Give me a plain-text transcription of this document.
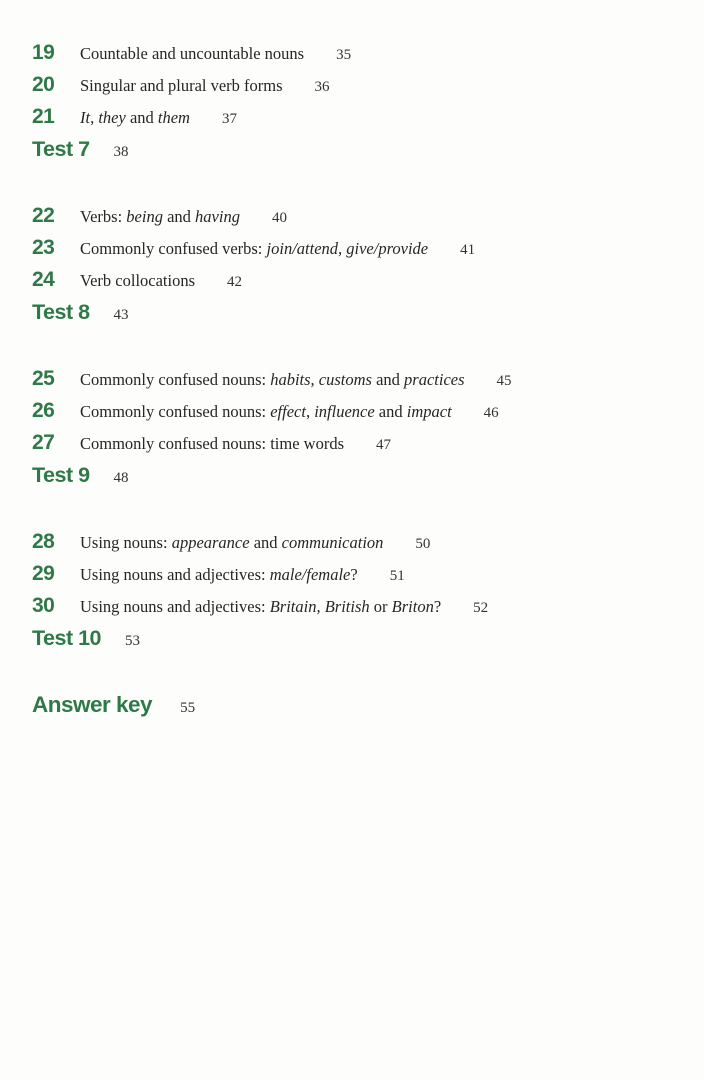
19	Countable and uncountable nouns 35
20	Singular and plural verb forms 36
21	It, they and them 37
Test 7 38
22	Verbs: being and having 40
23	Commonly confused verbs: join/attend, give/provide 41
24	Verb collocations 42
Test 8 43
25	Commonly confused nouns: habits, customs and practices 45
26	Commonly confused nouns: effect, influence and impact 46
27	Commonly confused nouns: time words 47
Test 9 48
28	Using nouns: appearance and communication 50
29	Using nouns and adjectives: male/female? 51
30	Using nouns and adjectives: Britain, British or Briton? 52
Test 10 53
Answer key 55
